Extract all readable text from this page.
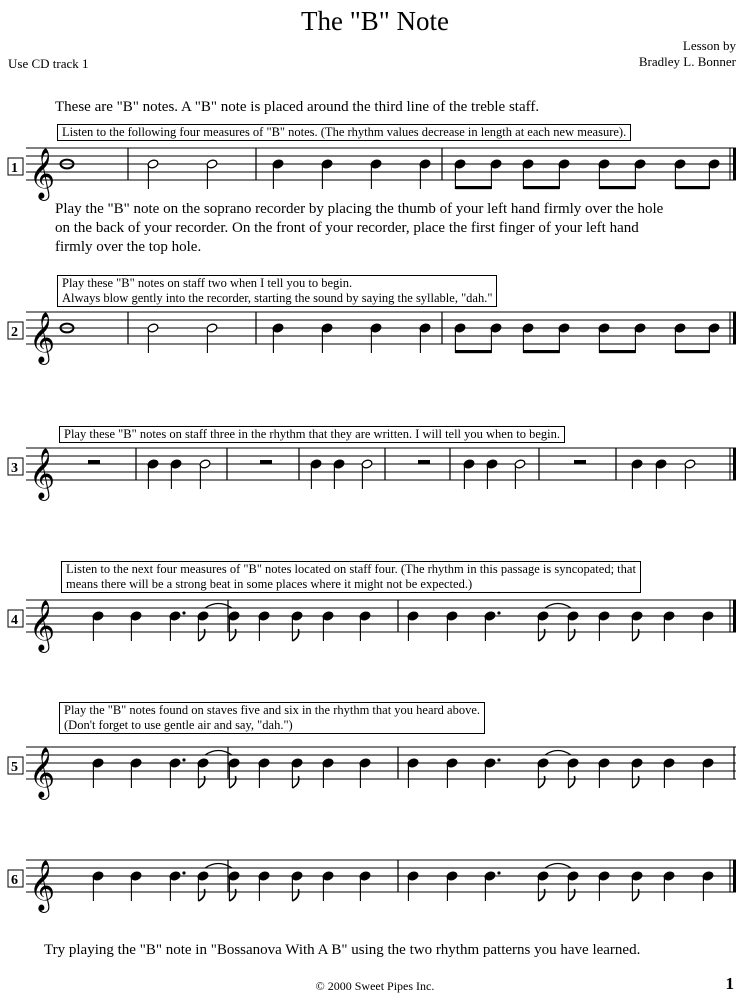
The "B" Note
Use CD track 1
Lesson by
Bradley L. Bonner
These are "B" notes. A "B" note is placed around the third line of the treble staff.
Listen to the following four measures of "B" notes. (The rhythm values decrease in length at each new measure).
1 𝄞
Play the "B" note on the soprano recorder by placing the thumb of your left hand firmly over the hole on the back of your recorder. On the front of your recorder, place the first finger of your left hand firmly over the top hole.
Play these "B" notes on staff two when I tell you to begin.
Always blow gently into the recorder, starting the sound by saying the syllable, "dah."
2 𝄞
Play these "B" notes on staff three in the rhythm that they are written. I will tell you when to begin.
3 𝄞
Listen to the next four measures of "B" notes located on staff four. (The rhythm in this passage is syncopated; that
means there will be a strong beat in some places where it might not be expected.)
4 𝄞
Play the "B" notes found on staves five and six in the rhythm that you heard above.
(Don't forget to use gentle air and say, "dah.")
5 𝄞
6 𝄞
Try playing the "B" note in "Bossanova With A B" using the two rhythm patterns you have learned.
© 2000 Sweet Pipes Inc.	1
